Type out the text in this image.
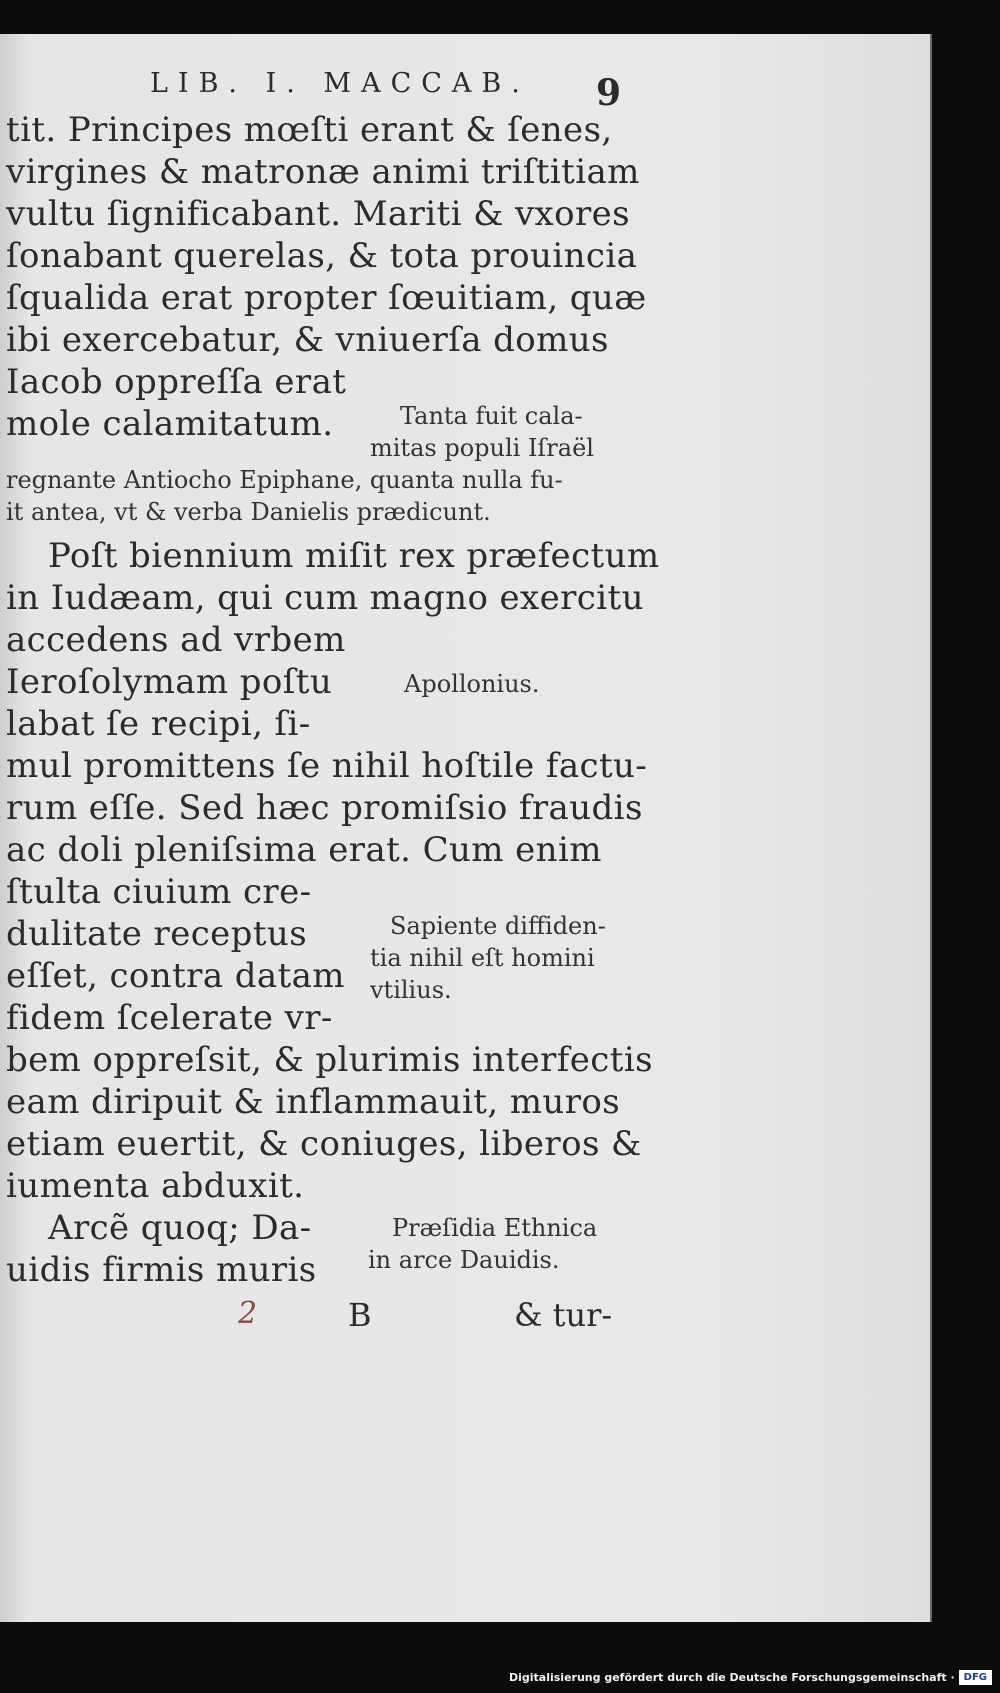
LIB. I. MACCAB. 9
tit. Principes mœſti erant & ſenes,
virgines & matronæ animi triſtitiam
vultu ſignificabant. Mariti & vxores
ſonabant querelas, & tota prouincia
ſqualida erat propter ſœuitiam, quæ
ibi exercebatur, & vniuerſa domus
Iacob oppreſſa erat
mole calamitatum.	Tanta fuit cala-
mitas populi Iſraël
regnante Antiocho Epiphane, quanta nulla fu-
it antea, vt & verba Danielis prædicunt.
Poſt biennium miſit rex præfectum
in Iudæam, qui cum magno exercitu
accedens ad vrbem
Ieroſolymam poſtu	Apollonius.
labat ſe recipi, ſi-
mul promittens ſe nihil hoſtile factu-
rum eſſe. Sed hæc promiſsio fraudis
ac doli pleniſsima erat. Cum enim
ſtulta ciuium cre-
dulitate receptus
eſſet, contra datam
fidem ſcelerate vr-
Sapiente diffiden-
tia nihil eſt homini
vtilius.
bem oppreſsit, & plurimis interfectis
eam diripuit & inflammauit, muros
etiam euertit, & coniuges, liberos &
iumenta abduxit.
Arcẽ quoq; Da-
uidis firmis muris
Præſidia Ethnica
in arce Dauidis.
2	B	& tur-
Digitalisierung gefördert durch die Deutsche Forschungsgemeinschaft · DFG
